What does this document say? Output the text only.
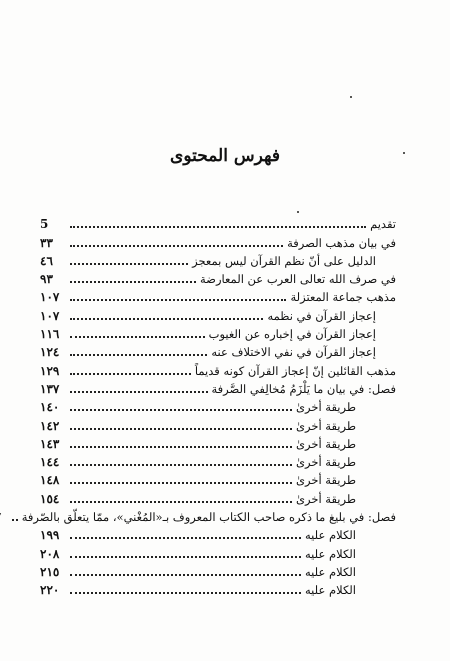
فهرس المحتوى
تقديم
5
في بيان مذهب الصرفة
٣٣
الدليل على أنّ نظم القرآن ليس بمعجز
٤٦
في صرف الله تعالى العرب عن المعارضة
٩٣
مذهب جماعة المعتزلة
١٠٧
إعجاز القرآن في نظمه
١٠٧
إعجاز القرآن في إخباره عن الغيوب
١١٦
إعجاز القرآن في نفي الاختلاف عنه
١٢٤
مذهب القائلين إنّ إعجاز القرآن كونه قديماً
١٢٩
فصل: في بيان ما يَلْزَمُ مُخالِفي الصَّرفة
١٣٧
طريقة أخرىٰ
١٤٠
طريقة أخرىٰ
١٤٢
طريقة أخرىٰ
١٤٣
طريقة أخرىٰ
١٤٤
طريقة أخرىٰ
١٤٨
طريقة أخرىٰ
١٥٤
فصل: في بليغ ما ذكره صاحب الكتاب المعروف بـ«المُغْني»، ممّا يتعلّق بالصّرفة
الكلام عليه
١٩٩
الكلام عليه
٢٠٨
الكلام عليه
٢١٥
الكلام عليه
٢٢٠
